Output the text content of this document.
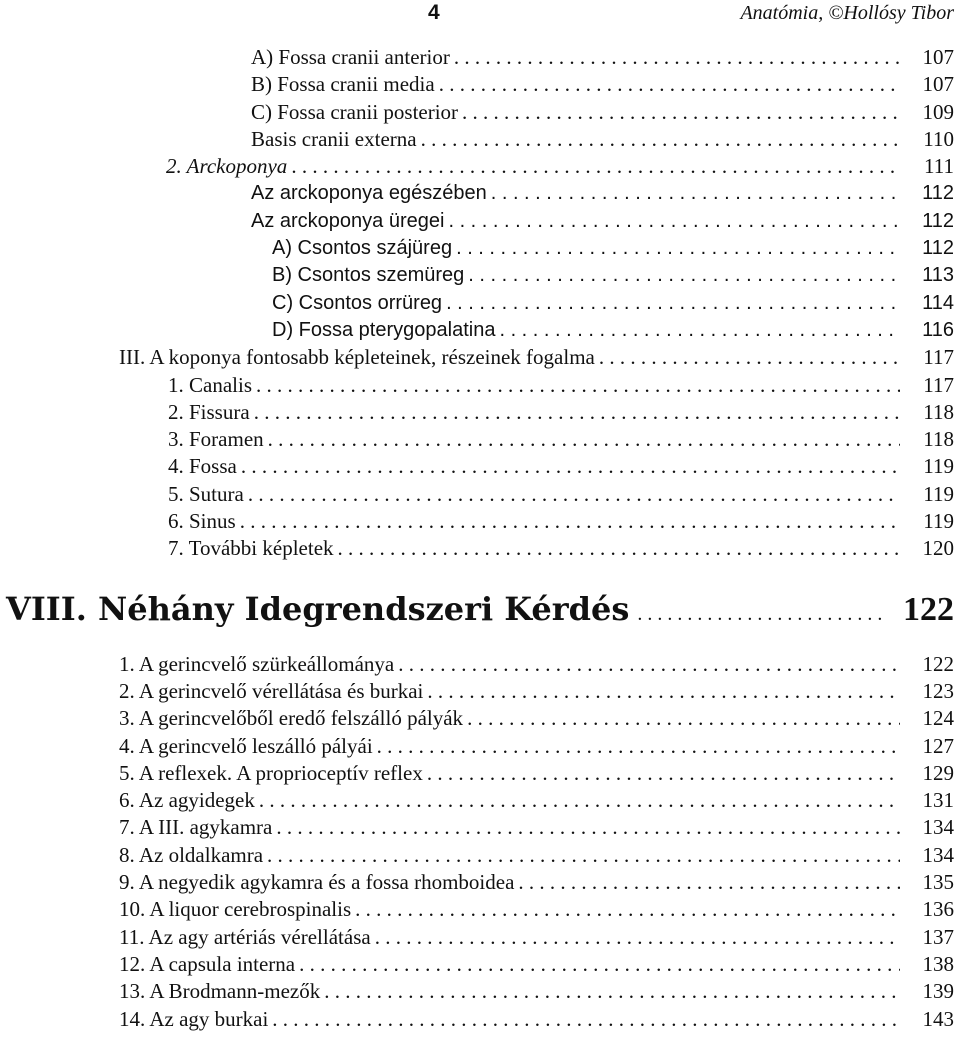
4	Anatómia, ©Hollósy Tibor
A) Fossa cranii anterior . . .	107
B) Fossa cranii media . . .	107
C) Fossa cranii posterior . . .	109
Basis cranii externa . . .	110
2. Arckoponya . . .	111
Az arckoponya egészében . . .	112
Az arckoponya üregei . . .	112
A) Csontos szájüreg . . .	112
B) Csontos szemüreg . . .	113
C) Csontos orrüreg . . .	114
D) Fossa pterygopalatina . . .	116
III. A koponya fontosabb képleteinek, részeinek fogalma . . .	117
1. Canalis . . .	117
2. Fissura . . .	118
3. Foramen . . .	118
4. Fossa . . .	119
5. Sutura . . .	119
6. Sinus . . .	119
7. További képletek . . .	120
VIII. Néhány Idegrendszeri Kérdés . . .	122
1. A gerincvelő szürkeállománya . . .	122
2. A gerincvelő vérellátása és burkai . . .	123
3. A gerincvelőből eredő felszálló pályák . . .	124
4. A gerincvelő leszálló pályái . . .	127
5. A reflexek. A proprioceptív reflex . . .	129
6. Az agyidegek . . .	131
7. A III. agykamra . . .	134
8. Az oldalkamra . . .	134
9. A negyedik agykamra és a fossa rhomboidea . . .	135
10. A liquor cerebrospinalis . . .	136
11. Az agy artériás vérellátása . . .	137
12. A capsula interna . . .	138
13. A Brodmann-mezők . . .	139
14. Az agy burkai . . .	143
